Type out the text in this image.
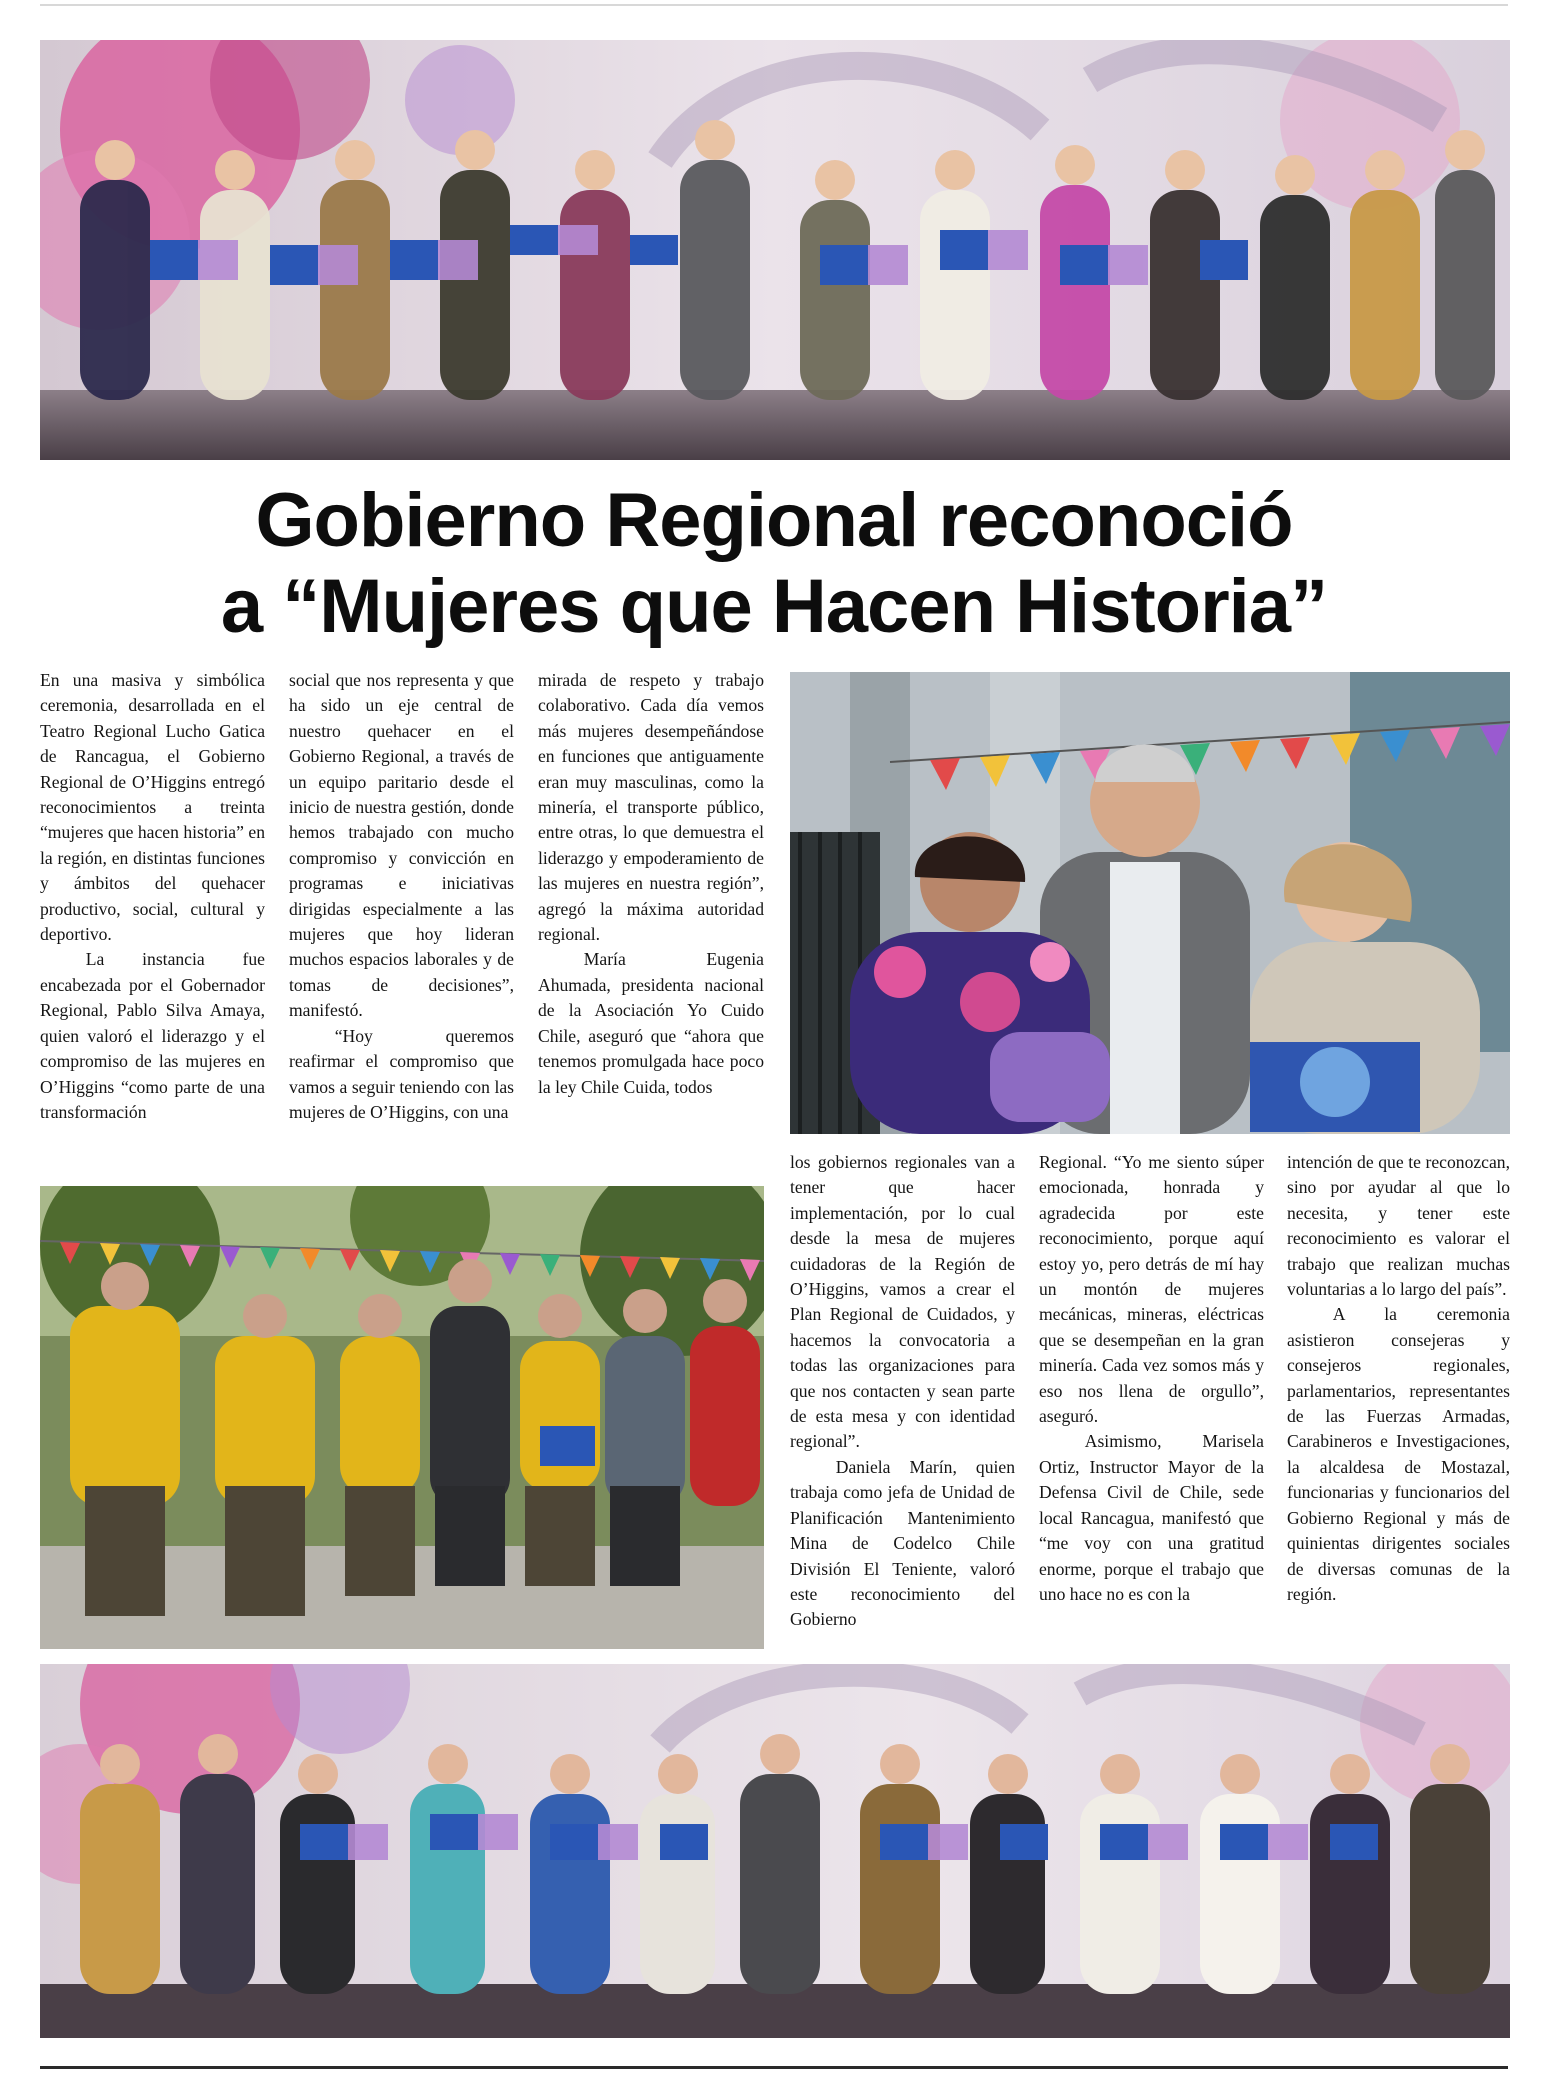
Gobierno Regional reconoció
a “Mujeres que Hacen Historia”

En una masiva y simbólica ceremonia, desarrollada en el Teatro Regional Lucho Gatica de Rancagua, el Gobierno Regional de O’Higgins entregó reconocimientos a treinta “mujeres que hacen historia” en la región, en distintas funciones y ámbitos del quehacer productivo, social, cultural y deportivo.

La instancia fue encabezada por el Gobernador Regional, Pablo Silva Amaya, quien valoró el liderazgo y el compromiso de las mujeres en O’Higgins “como parte de una transformación

social que nos representa y que ha sido un eje central de nuestro quehacer en el Gobierno Regional, a través de un equipo paritario desde el inicio de nuestra gestión, donde hemos trabajado con mucho compromiso y convicción en programas e iniciativas dirigidas especialmente a las mujeres que hoy lideran muchos espacios laborales y de tomas de decisiones”, manifestó.

“Hoy queremos reafirmar el compromiso que vamos a seguir teniendo con las mujeres de O’Higgins, con una

mirada de respeto y trabajo colaborativo. Cada día vemos más mujeres desempeñándose en funciones que antiguamente eran muy masculinas, como la minería, el transporte público, entre otras, lo que demuestra el liderazgo y empoderamiento de las mujeres en nuestra región”, agregó la máxima autoridad regional.

María Eugenia Ahumada, presidenta nacional de la Asociación Yo Cuido Chile, aseguró que “ahora que tenemos promulgada hace poco la ley Chile Cuida, todos

los gobiernos regionales van a tener que hacer implementación, por lo cual desde la mesa de mujeres cuidadoras de la Región de O’Higgins, vamos a crear el Plan Regional de Cuidados, y hacemos la convocatoria a todas las organizaciones para que nos contacten y sean parte de esta mesa y con identidad regional”.

Daniela Marín, quien trabaja como jefa de Unidad de Planificación Mantenimiento Mina de Codelco Chile División El Teniente, valoró este reconocimiento del Gobierno

Regional. “Yo me siento súper emocionada, honrada y agradecida por este reconocimiento, porque aquí estoy yo, pero detrás de mí hay un montón de mujeres mecánicas, mineras, eléctricas que se desempeñan en la gran minería. Cada vez somos más y eso nos llena de orgullo”, aseguró.

Asimismo, Marisela Ortiz, Instructor Mayor de la Defensa Civil de Chile, sede local Rancagua, manifestó que “me voy con una gratitud enorme, porque el trabajo que uno hace no es con la

intención de que te reconozcan, sino por ayudar al que lo necesita, y tener este reconocimiento es valorar el trabajo que realizan muchas voluntarias a lo largo del país”.

A la ceremonia asistieron consejeras y consejeros regionales, parlamentarios, representantes de las Fuerzas Armadas, Carabineros e Investigaciones, la alcaldesa de Mostazal, funcionarias y funcionarios del Gobierno Regional y más de quinientas dirigentes sociales de diversas comunas de la región.
